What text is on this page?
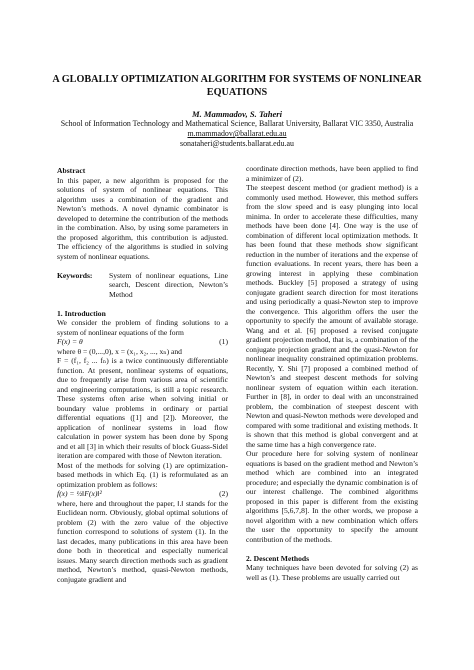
A GLOBALLY OPTIMIZATION ALGORITHM FOR SYSTEMS OF NONLINEAR EQUATIONS
M. Mammadov, S. Taheri
School of Information Technology and Mathematical Science, Ballarat University, Ballarat VIC 3350, Australia
m.mammadov@ballarat.edu.au
sonataheri@students.ballarat.edu.au

Abstract

In this paper, a new algorithm is proposed for the solutions of system of nonlinear equations. This algorithm uses a combination of the gradient and Newton’s methods. A novel dynamic combinator is developed to determine the contribution of the methods in the combination. Also, by using some parameters in the proposed algorithm, this contribution is adjusted. The efficiency of the algorithms is studied in solving system of nonlinear equations.

Keywords:	System of nonlinear equations, Line search, Descent direction, Newton’s Method

1. Introduction

We consider the problem of finding solutions to a system of nonlinear equations of the form

F(x) = θ	(1)

where θ = (0,...,0), x = (x₁, x₂, ..., xₙ) and

F = (f₁, f₂ ... fₙ) is a twice continuously differentiable function. At present, nonlinear systems of equations, due to frequently arise from various area of scientific and engineering computations, is still a topic research. These systems often arise when solving initial or boundary value problems in ordinary or partial differential equations ([1] and [2]). Moreover, the application of nonlinear systems in load flow calculation in power system has been done by Spong and et all [3] in which their results of block Guass-Sidel iteration are compared with those of Newton iteration.

Most of the methods for solving (1) are optimization-based methods in which Eq. (1) is reformulated as an optimization problem as follows:

f(x) = ½‖F(x)‖²	(2)

where, here and throughout the paper, ‖.‖ stands for the Euclidean norm. Obviously, global optimal solutions of problem (2) with the zero value of the objective function correspond to solutions of system (1). In the last decades, many publications in this area have been done both in theoretical and especially numerical issues. Many search direction methods such as gradient method, Newton’s method, quasi-Newton methods, conjugate gradient and

coordinate direction methods, have been applied to find a minimizer of (2).

The steepest descent method (or gradient method) is a commonly used method. However, this method suffers from the slow speed and is easy plunging into local minima. In order to accelerate these difficulties, many methods have been done [4]. One way is the use of combination of different local optimization methods. It has been found that these methods show significant reduction in the number of iterations and the expense of function evaluations. In recent years, there has been a growing interest in applying these combination methods. Buckley [5] proposed a strategy of using conjugate gradient search direction for most iterations and using periodically a quasi-Newton step to improve the convergence. This algorithm offers the user the opportunity to specify the amount of available storage. Wang and et al. [6] proposed a revised conjugate gradient projection method, that is, a combination of the conjugate projection gradient and the quasi-Newton for nonlinear inequality constrained optimization problems. Recently, Y. Shi [7] proposed a combined method of Newton’s and steepest descent methods for solving nonlinear system of equation within each iteration. Further in [8], in order to deal with an unconstrained problem, the combination of steepest descent with Newton and quasi-Newton methods were developed and compared with some traditional and existing methods. It is shown that this method is global convergent and at the same time has a high convergence rate.

Our procedure here for solving system of nonlinear equations is based on the gradient method and Newton’s method which are combined into an integrated procedure; and especially the dynamic combination is of our interest challenge. The combined algorithms proposed in this paper is different from the existing algorithms [5,6,7,8]. In the other words, we propose a novel algorithm with a new combination which offers the user the opportunity to specify the amount contribution of the methods.

2. Descent Methods

Many techniques have been devoted for solving (2) as well as (1). These problems are usually carried out
